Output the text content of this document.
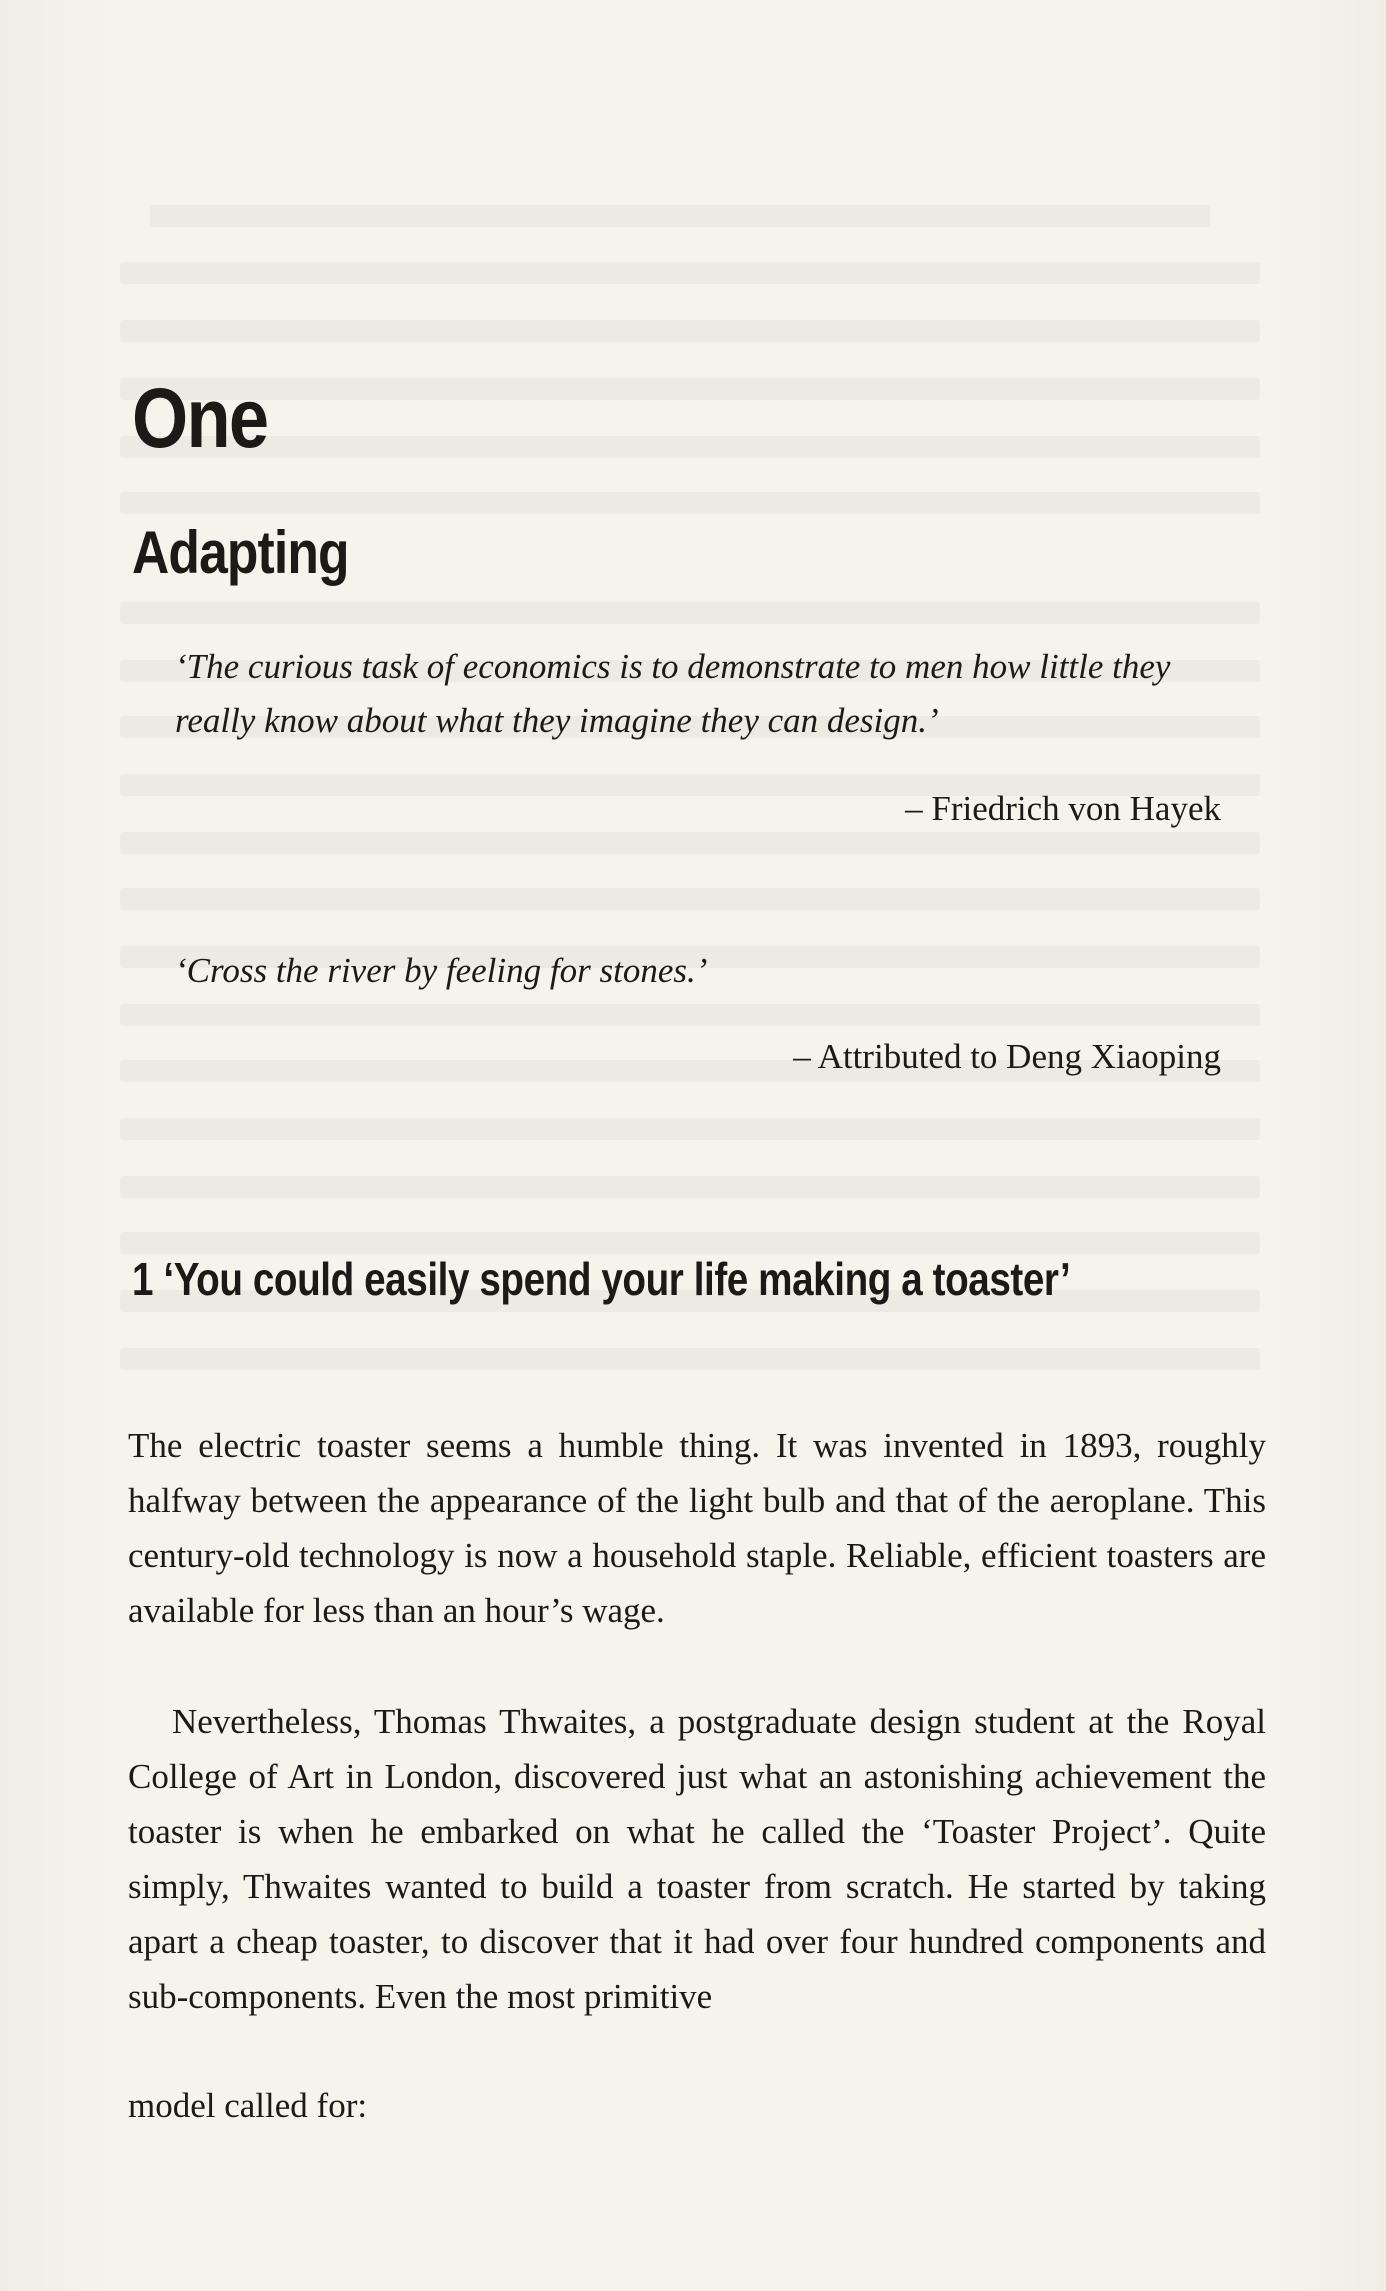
One
Adapting
‘The curious task of economics is to demonstrate to men how little they really know about what they imagine they can design.’
– Friedrich von Hayek
‘Cross the river by feeling for stones.’
– Attributed to Deng Xiaoping
1 ‘You could easily spend your life making a toaster’

The electric toaster seems a humble thing. It was invented in 1893, roughly halfway between the appearance of the light bulb and that of the aeroplane. This century-old technology is now a household staple. Reliable, efficient toasters are available for less than an hour’s wage.

Nevertheless, Thomas Thwaites, a postgraduate design student at the Royal College of Art in London, discovered just what an astonishing achievement the toaster is when he embarked on what he called the ‘Toaster Project’. Quite simply, Thwaites wanted to build a toaster from scratch. He started by taking apart a cheap toaster, to discover that it had over four hundred components and sub-components. Even the most primitive

model called for:
